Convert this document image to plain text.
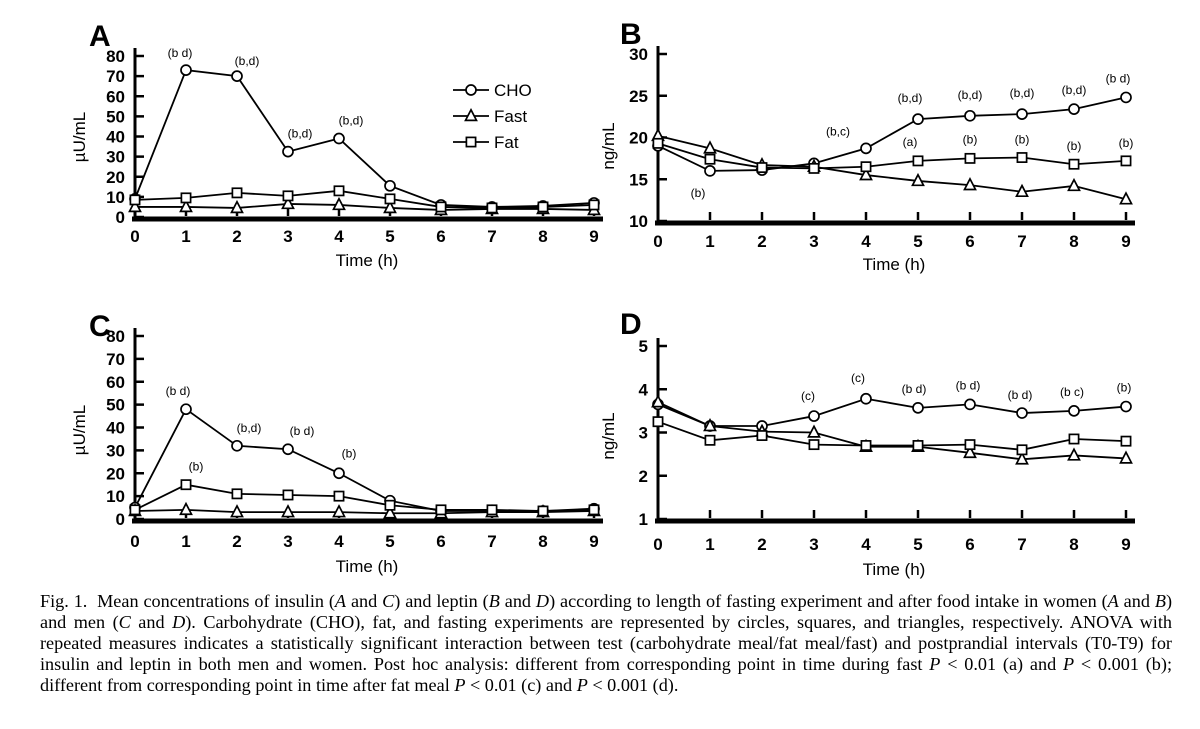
0
10
20
30
40
50
60
70
80
0 1 2 3 4 5 6 7 8 9
(b d)
(b,d)
(b,d)
(b,d)
A
Time (h)
µU/mL
CHO
Fast
Fat
10
15
20
25
30
0	1	2	3	4	5	6	7	8	9
(b)
(b,c)
(b,d)	(b,d) (b,d) (b,d)
(b d)
(a)	(b)	(b)	(b)	(b)
B
Time (h)
ng/mL
0
10
20
30
40
50
60
70
80
0 1 2 3 4 5 6 7 8 9
(b d)
(b,d) (b d)
(b)
(b)
C
Time (h)
µU/mL
1
2
3
4
5
0	1	2	3	4	5	6	7	8	9
(c)
(c)
(b d) (b d)
(b d) (b c)	(b)
D
Time (h)
ng/mL

Fig. 1.  Mean concentrations of insulin (A and C) and leptin (B and D) according to length of fasting experiment and after food intake in women (A and B) and men (C and D). Carbohydrate (CHO), fat, and fasting experiments are represented by circles, squares, and triangles, respectively. ANOVA with repeated measures indicates a statistically significant interaction between test (carbohydrate meal/fat meal/fast) and postprandial intervals (T0-T9) for insulin and leptin in both men and women. Post hoc analysis: different from corresponding point in time during fast P < 0.01 (a) and P < 0.001 (b); different from corresponding point in time after fat meal P < 0.01 (c) and P < 0.001 (d).
